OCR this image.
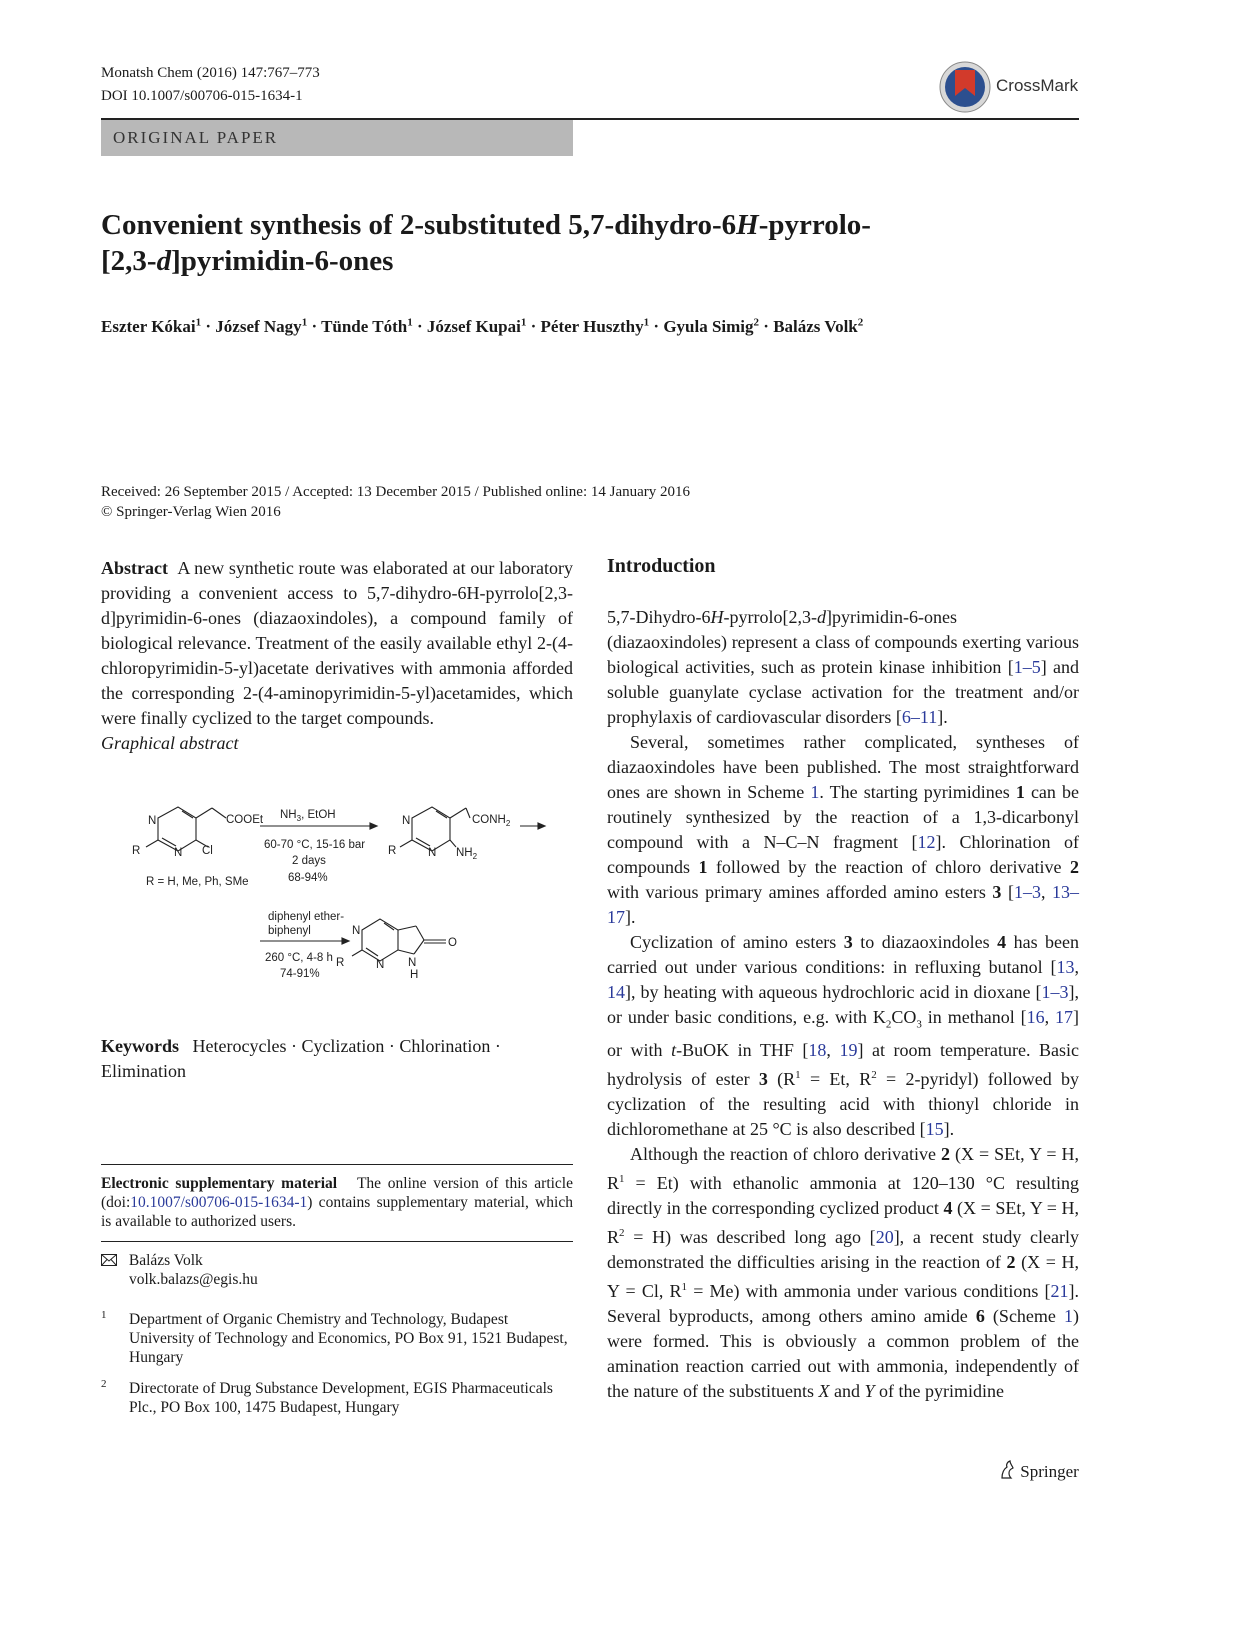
Monatsh Chem (2016) 147:767–773
DOI 10.1007/s00706-015-1634-1
CrossMark
ORIGINAL PAPER
Convenient synthesis of 2-substituted 5,7-dihydro-6H-pyrrolo-
[2,3-d]pyrimidin-6-ones
Eszter Kókai$^1$ · József Nagy$^1$ · Tünde Tóth$^1$ · József Kupai$^1$ · Péter Huszthy$^1$ · Gyula Simig$^2$ · Balázs Volk$^2$
Received: 26 September 2015 / Accepted: 13 December 2015 / Published online: 14 January 2016
© Springer-Verlag Wien 2016

Abstract A new synthetic route was elaborated at our laboratory providing a convenient access to 5,7-dihydro-6H-pyrrolo[2,3-d]pyrimidin-6-ones (diazaoxindoles), a compound family of biological relevance. Treatment of the easily available ethyl 2-(4-chloropyrimidin-5-yl)acetate derivatives with ammonia afforded the corresponding 2-(4-aminopyrimidin-5-yl)acetamides, which were finally cyclized to the target compounds.

Graphical abstract

COOEt
N
N
R	Cl
$NH_3$, EtOH
60-70 °C, 15-16 bar
2 days
68-94%
R = H, Me, Ph, SMe
$CONH_2$
N
N
R	$NH_2$
diphenyl ether-
biphenyl
260 °C, 4-8 h
74-91%
N
N
R
O
N
H
Keywords Heterocycles · Cyclization · Chlorination · Elimination
Electronic supplementary material The online version of this article (doi:10.1007/s00706-015-1634-1) contains supplementary material, which is available to authorized users.
Balázs Volk
volk.balazs@egis.hu
1 Department of Organic Chemistry and Technology, Budapest University of Technology and Economics, PO Box 91, 1521 Budapest, Hungary
2 Directorate of Drug Substance Development, EGIS Pharmaceuticals Plc., PO Box 100, 1475 Budapest, Hungary
Introduction

5,7-Dihydro-6H-pyrrolo[2,3-d]pyrimidin-6-ones (diazaoxindoles) represent a class of compounds exerting various biological activities, such as protein kinase inhibition [1–5] and soluble guanylate cyclase activation for the treatment and/or prophylaxis of cardiovascular disorders [6–11].

Several, sometimes rather complicated, syntheses of diazaoxindoles have been published. The most straightforward ones are shown in Scheme 1. The starting pyrimidines 1 can be routinely synthesized by the reaction of a 1,3-dicarbonyl compound with a N–C–N fragment [12]. Chlorination of compounds 1 followed by the reaction of chloro derivative 2 with various primary amines afforded amino esters 3 [1–3, 13–17].

Cyclization of amino esters 3 to diazaoxindoles 4 has been carried out under various conditions: in refluxing butanol [13, 14], by heating with aqueous hydrochloric acid in dioxane [1–3], or under basic conditions, e.g. with $K_2CO_3$ in methanol [16, 17] or with t-BuOK in THF [18, 19] at room temperature. Basic hydrolysis of ester 3 ($R^1 = Et$, $R^2$ = 2-pyridyl) followed by cyclization of the resulting acid with thionyl chloride in dichloromethane at 25 °C is also described [15].

Although the reaction of chloro derivative 2 (X = SEt, Y = H, $R^1 = Et$) with ethanolic ammonia at 120–130 °C resulting directly in the corresponding cyclized product 4 (X = SEt, Y = H, $R^2 = H$) was described long ago [20], a recent study clearly demonstrated the difficulties arising in the reaction of 2 (X = H, Y = Cl, $R^1 = Me$) with ammonia under various conditions [21]. Several byproducts, among others amino amide 6 (Scheme 1) were formed. This is obviously a common problem of the amination reaction carried out with ammonia, independently of the nature of the substituents X and Y of the pyrimidine

Springer
